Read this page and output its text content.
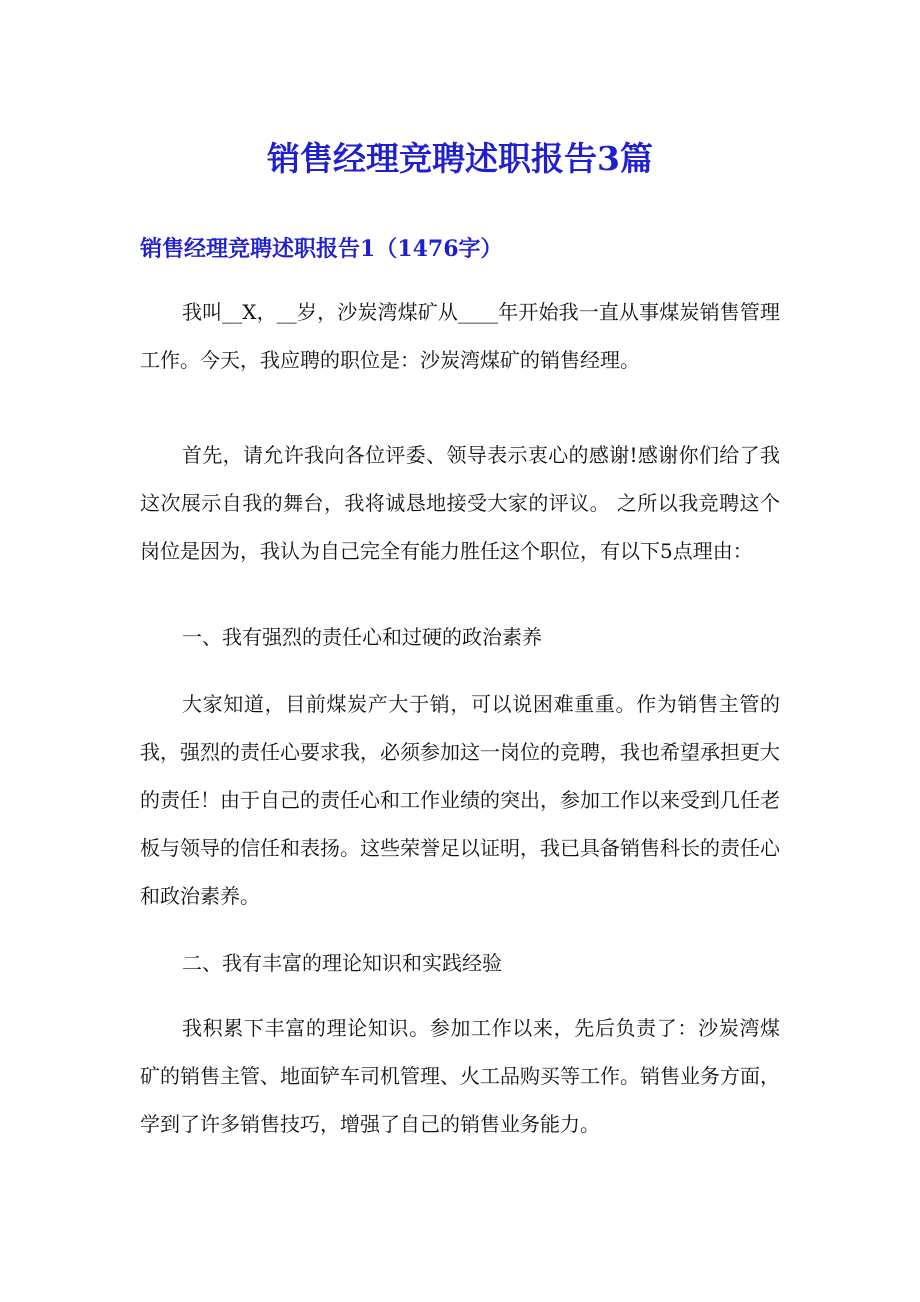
销售经理竞聘述职报告3篇
销售经理竞聘述职报告1（1476字）

我叫__X，__岁，沙炭湾煤矿从____年开始我一直从事煤炭销售管理工作。今天，我应聘的职位是：沙炭湾煤矿的销售经理。

首先，请允许我向各位评委、领导表示衷心的感谢!感谢你们给了我这次展示自我的舞台，我将诚恳地接受大家的评议。 之所以我竞聘这个岗位是因为，我认为自己完全有能力胜任这个职位，有以下5点理由：

一、我有强烈的责任心和过硬的政治素养

大家知道，目前煤炭产大于销，可以说困难重重。作为销售主管的我，强烈的责任心要求我，必须参加这一岗位的竞聘，我也希望承担更大的责任！由于自己的责任心和工作业绩的突出，参加工作以来受到几任老板与领导的信任和表扬。这些荣誉足以证明，我已具备销售科长的责任心和政治素养。

二、我有丰富的理论知识和实践经验

我积累下丰富的理论知识。参加工作以来，先后负责了：沙炭湾煤矿的销售主管、地面铲车司机管理、火工品购买等工作。销售业务方面，学到了许多销售技巧，增强了自己的销售业务能力。
